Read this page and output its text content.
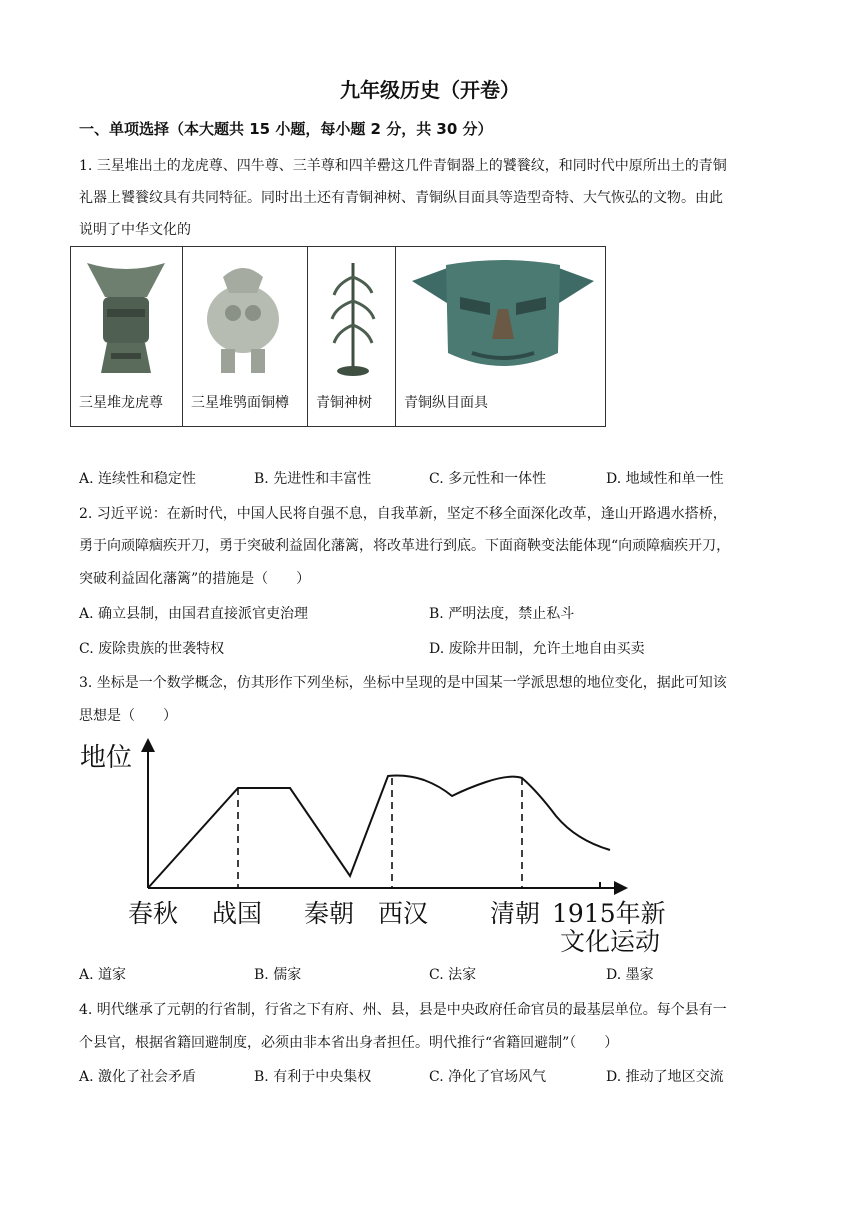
九年级历史（开卷）
一、单项选择（本大题共 15 小题，每小题 2 分，共 30 分）
1. 三星堆出土的龙虎尊、四牛尊、三羊尊和四羊罍这几件青铜器上的饕餮纹，和同时代中原所出土的青铜
礼器上饕餮纹具有共同特征。同时出土还有青铜神树、青铜纵目面具等造型奇特、大气恢弘的文物。由此
说明了中华文化的
三星堆龙虎尊	三星堆鸮面铜樽	青铜神树	青铜纵目面具
A. 连续性和稳定性	B. 先进性和丰富性	C. 多元性和一体性	D. 地域性和单一性
2. 习近平说：在新时代，中国人民将自强不息，自我革新，坚定不移全面深化改革，逢山开路遇水搭桥，
勇于向顽障痼疾开刀，勇于突破利益固化藩篱，将改革进行到底。下面商鞅变法能体现“向顽障痼疾开刀，
突破利益固化藩篱”的措施是（　　）
A. 确立县制，由国君直接派官吏治理	B. 严明法度，禁止私斗
C. 废除贵族的世袭特权	D. 废除井田制，允许土地自由买卖
3. 坐标是一个数学概念，仿其形作下列坐标，坐标中呈现的是中国某一学派思想的地位变化，据此可知该
思想是（　　）
地位
春秋 战国 秦朝 西汉 清朝 1915年新
文化运动
A. 道家	B. 儒家	C. 法家	D. 墨家
4. 明代继承了元朝的行省制，行省之下有府、州、县，县是中央政府任命官员的最基层单位。每个县有一
个县官，根据省籍回避制度，必须由非本省出身者担任。明代推行“省籍回避制”（　　）
A. 激化了社会矛盾	B. 有利于中央集权	C. 净化了官场风气	D. 推动了地区交流
